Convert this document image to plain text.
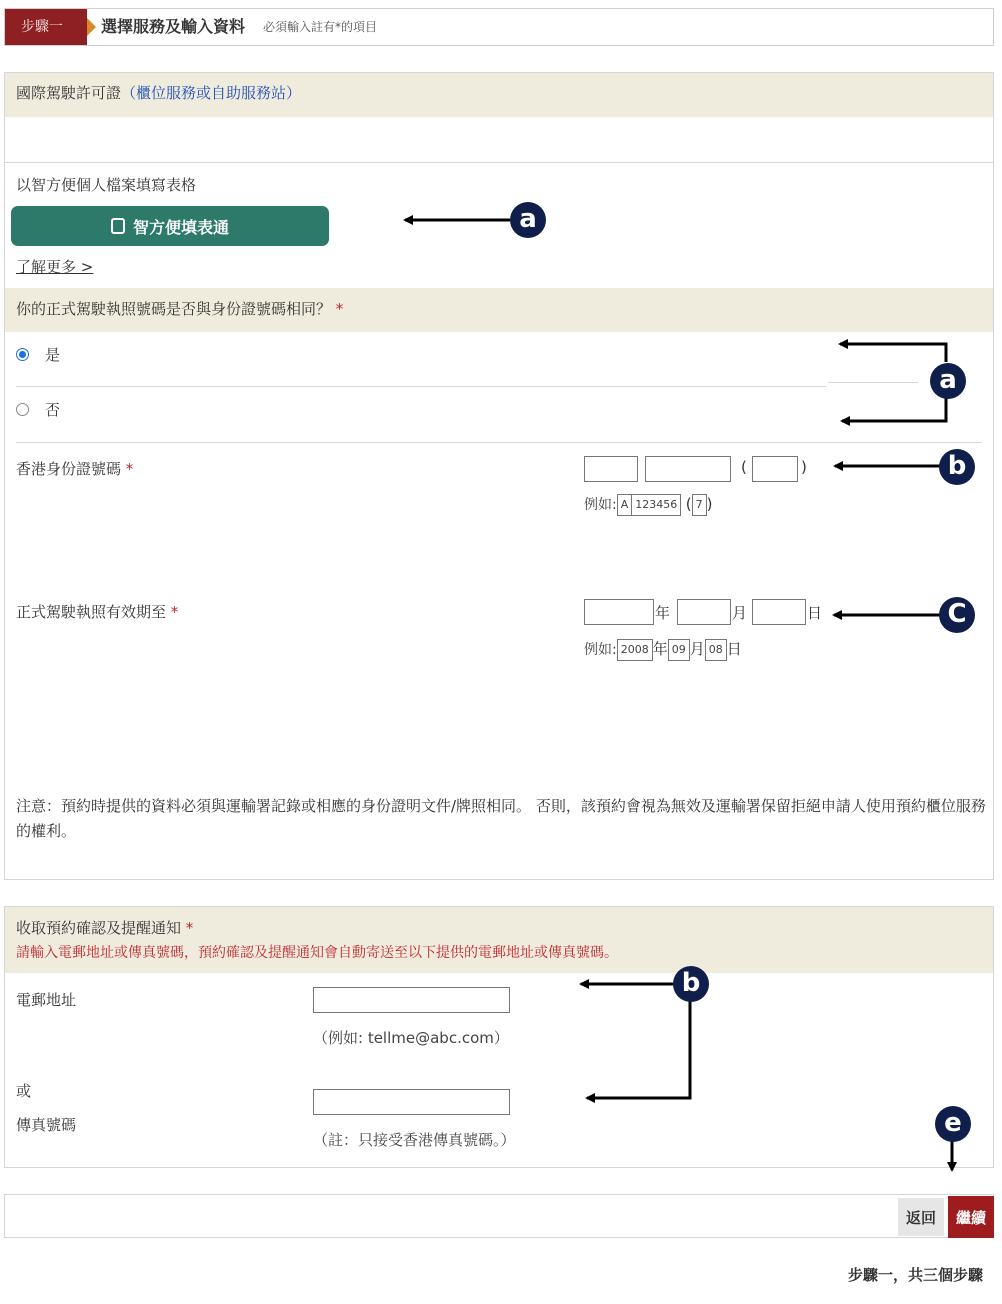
步驟一	選擇服務及輸入資料 必須輸入註有*的項目
國際駕駛許可證（櫃位服務或自助服務站）
以智方便個人檔案填寫表格
智方便填表通
了解更多 >
你的正式駕駛執照號碼是否與身份證號碼相同？ *
是
否
香港身份證號碼 *	(	)
例如: A 123456 ( 7 )
正式駕駛執照有效期至 *	年	月	日
例如: 2008 年 09 月 08 日
注意：預約時提供的資料必須與運輸署記錄或相應的身份證明文件/牌照相同。 否則，該預約會視為無效及運輸署保留拒絕申請人使用預約櫃位服務的權利。
收取預約確認及提醒通知 *
請輸入電郵地址或傳真號碼，預約確認及提醒通知會自動寄送至以下提供的電郵地址或傳真號碼。
電郵地址
（例如: tellme@abc.com）
或
傳真號碼
（註：只接受香港傳真號碼。）
返回	繼續
步驟一，共三個步驟
a
a
b
C
b
e
